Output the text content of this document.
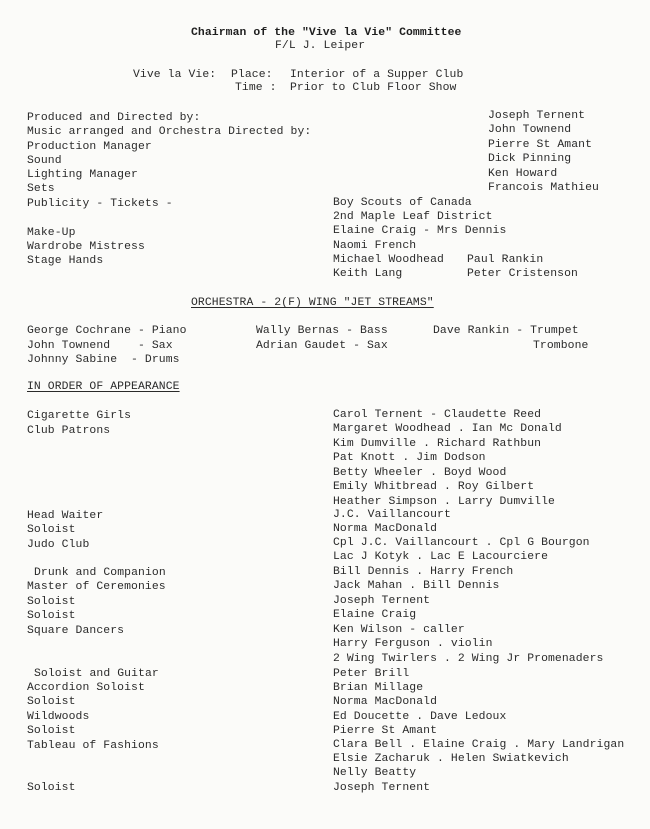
Chairman of the "Vive la Vie" Committee
F/L J. Leiper
Vive la Vie: Place: Interior of a Supper Club
Time : Prior to Club Floor Show
Produced and Directed by:
Music arranged and Orchestra Directed by:
Production Manager
Sound
Lighting Manager
Sets
Publicity - Tickets -
Make-Up
Wardrobe Mistress
Stage Hands
Joseph Ternent
John Townend
Pierre St Amant
Dick Pinning
Ken Howard
Francois Mathieu
Boy Scouts of Canada
2nd Maple Leaf District
Elaine Craig - Mrs Dennis
Naomi French
Michael Woodhead
Keith Lang
Paul Rankin
Peter Cristenson
ORCHESTRA - 2(F) WING "JET STREAMS"
George Cochrane - Piano
John Townend    - Sax
Johnny Sabine  - Drums
Wally Bernas - Bass
Adrian Gaudet - Sax
Dave Rankin - Trumpet
Trombone
IN ORDER OF APPEARANCE
Cigarette Girls
Club Patrons
Head Waiter
Soloist
Judo Club
Drunk and Companion
Master of Ceremonies
Soloist
Soloist
Square Dancers
Soloist and Guitar
Accordion Soloist
Soloist
Wildwoods
Soloist
Tableau of Fashions
Soloist
Carol Ternent - Claudette Reed
Margaret Woodhead . Ian Mc Donald
Kim Dumville . Richard Rathbun
Pat Knott . Jim Dodson
Betty Wheeler . Boyd Wood
Emily Whitbread . Roy Gilbert
Heather Simpson . Larry Dumville
J.C. Vaillancourt
Norma MacDonald
Cpl J.C. Vaillancourt . Cpl G Bourgon
Lac J Kotyk . Lac E Lacourciere
Bill Dennis . Harry French
Jack Mahan . Bill Dennis
Joseph Ternent
Elaine Craig
Ken Wilson - caller
Harry Ferguson . violin
2 Wing Twirlers . 2 Wing Jr Promenaders
Peter Brill
Brian Millage
Norma MacDonald
Ed Doucette . Dave Ledoux
Pierre St Amant
Clara Bell . Elaine Craig . Mary Landrigan
Elsie Zacharuk . Helen Swiatkevich
Nelly Beatty
Joseph Ternent
